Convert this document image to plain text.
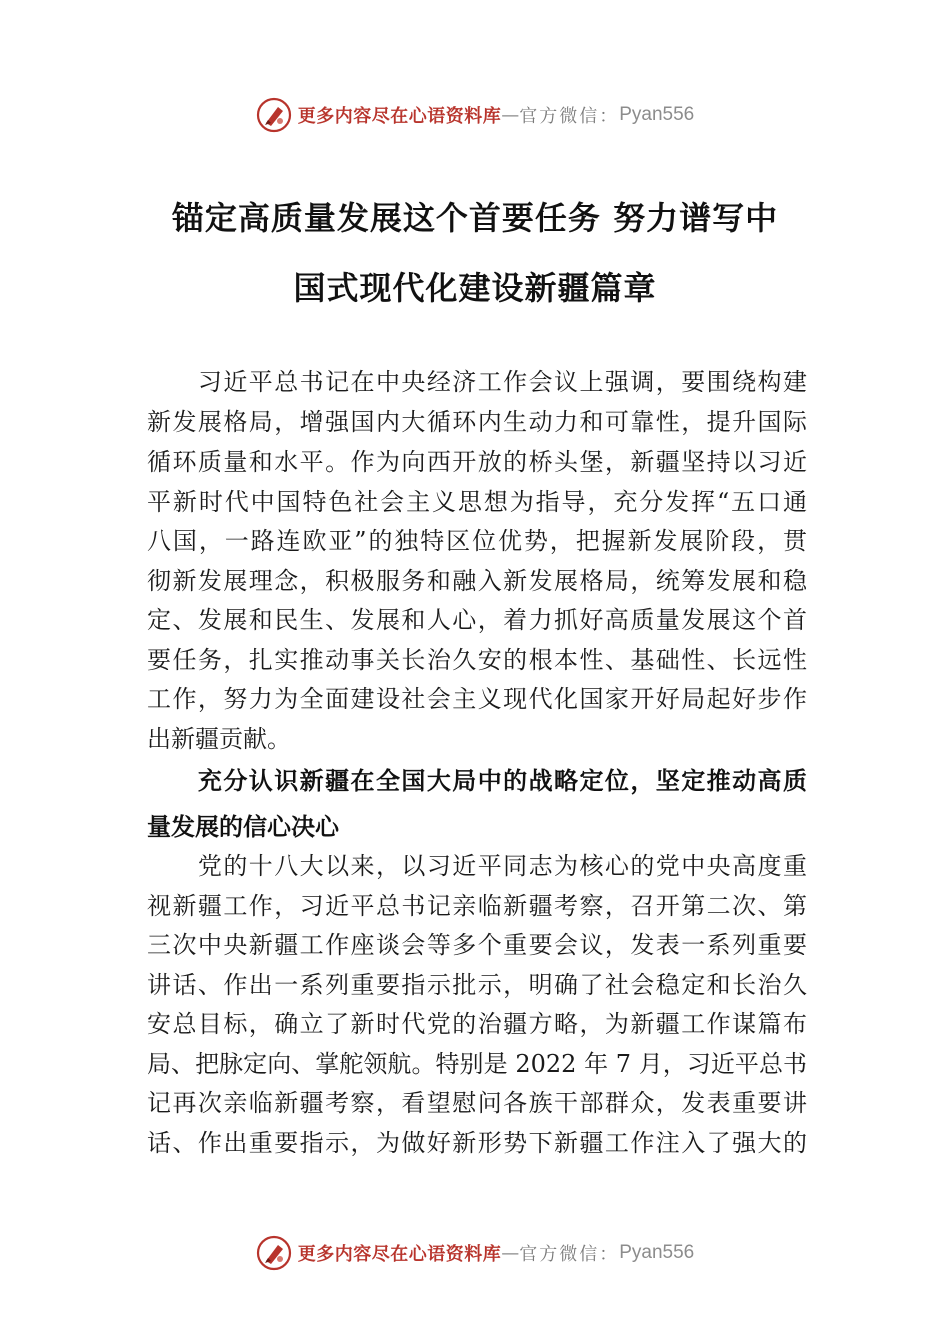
更多内容尽在心语资料库 — 官方微信： Pyan556
锚定高质量发展这个首要任务 努力谱写中
国式现代化建设新疆篇章
　　习近平总书记在中央经济工作会议上强调，要围绕构建
新发展格局，增强国内大循环内生动力和可靠性，提升国际
循环质量和水平。作为向西开放的桥头堡，新疆坚持以习近
平新时代中国特色社会主义思想为指导，充分发挥“五口通
八国，一路连欧亚”的独特区位优势，把握新发展阶段，贯
彻新发展理念，积极服务和融入新发展格局，统筹发展和稳
定、发展和民生、发展和人心，着力抓好高质量发展这个首
要任务，扎实推动事关长治久安的根本性、基础性、长远性
工作，努力为全面建设社会主义现代化国家开好局起好步作
出新疆贡献。
　　充分认识新疆在全国大局中的战略定位，坚定推动高质
量发展的信心决心
　　党的十八大以来，以习近平同志为核心的党中央高度重
视新疆工作，习近平总书记亲临新疆考察，召开第二次、第
三次中央新疆工作座谈会等多个重要会议，发表一系列重要
讲话、作出一系列重要指示批示，明确了社会稳定和长治久
安总目标，确立了新时代党的治疆方略，为新疆工作谋篇布
局、把脉定向、掌舵领航。特别是 2022 年 7 月，习近平总书
记再次亲临新疆考察，看望慰问各族干部群众，发表重要讲
话、作出重要指示，为做好新形势下新疆工作注入了强大的
更多内容尽在心语资料库 — 官方微信： Pyan556
